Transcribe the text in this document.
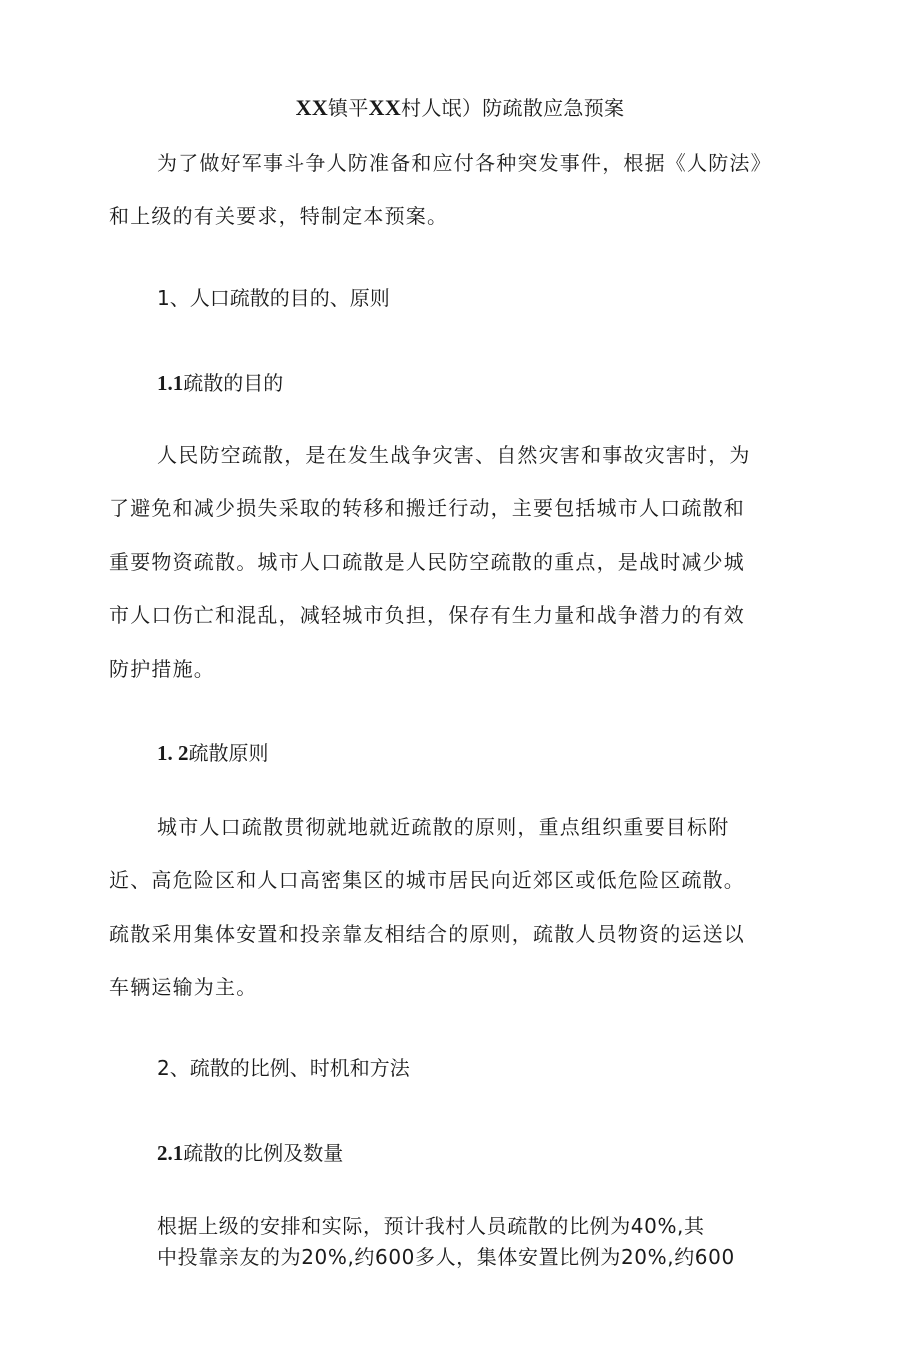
XX镇平XX村人氓）防疏散应急预案

为了做好军事斗争人防准备和应付各种突发事件，根据《人防法》和上级的有关要求，特制定本预案。

1、人口疏散的目的、原则

1.1疏散的目的

人民防空疏散，是在发生战争灾害、自然灾害和事故灾害时，为了避免和减少损失采取的转移和搬迁行动，主要包括城市人口疏散和重要物资疏散。城市人口疏散是人民防空疏散的重点，是战时减少城市人口伤亡和混乱，减轻城市负担，保存有生力量和战争潜力的有效防护措施。

1. 2疏散原则

城市人口疏散贯彻就地就近疏散的原则，重点组织重要目标附近、高危险区和人口高密集区的城市居民向近郊区或低危险区疏散。疏散采用集体安置和投亲靠友相结合的原则，疏散人员物资的运送以车辆运输为主。

2、疏散的比例、时机和方法

2.1疏散的比例及数量

根据上级的安排和实际，预计我村人员疏散的比例为40%,其

中投靠亲友的为20%,约600多人，集体安置比例为20%,约600
